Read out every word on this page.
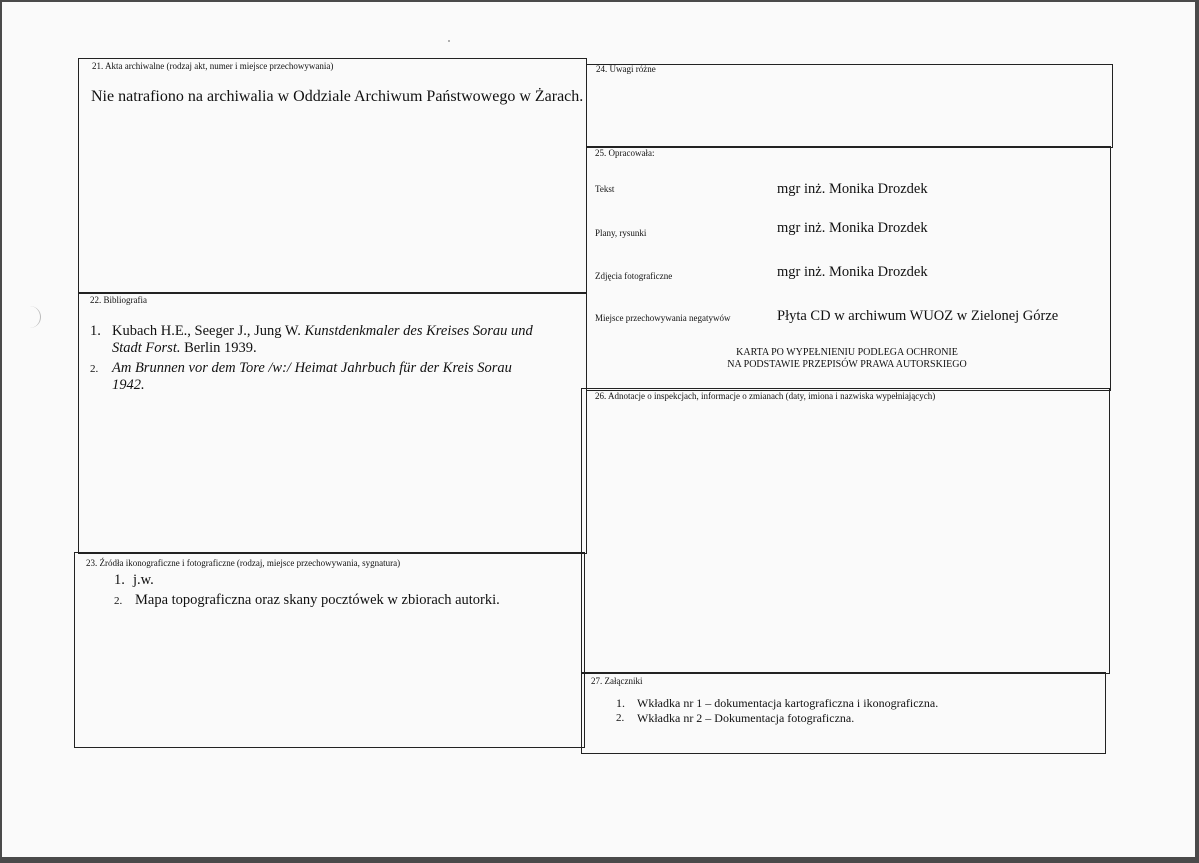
21. Akta archiwalne (rodzaj akt, numer i miejsce przechowywania)
Nie natrafiono na archiwalia w Oddziale Archiwum Państwowego w Żarach.
22. Bibliografia
1. Kubach H.E., Seeger J., Jung W. Kunstdenkmaler des Kreises Sorau und
Stadt Forst. Berlin 1939.
2. Am Brunnen vor dem Tore /w:/ Heimat Jahrbuch für der Kreis Sorau
1942.
23. Źródła ikonograficzne i fotograficzne (rodzaj, miejsce przechowywania, sygnatura)
1. j.w.
2. Mapa topograficzna oraz skany pocztówek w zbiorach autorki.
24. Uwagi różne
25. Opracowała:
Tekst	mgr inż. Monika Drozdek
Plany, rysunki	mgr inż. Monika Drozdek
Zdjęcia fotograficzne	mgr inż. Monika Drozdek
Miejsce przechowywania negatywów	Płyta CD w archiwum WUOZ w Zielonej Górze
KARTA PO WYPEŁNIENIU PODLEGA OCHRONIE
NA PODSTAWIE PRZEPISÓW PRAWA AUTORSKIEGO
26. Adnotacje o inspekcjach, informacje o zmianach (daty, imiona i nazwiska wypełniających)
27. Załączniki
1. Wkładka nr 1 – dokumentacja kartograficzna i ikonograficzna.
2. Wkładka nr 2 – Dokumentacja fotograficzna.
